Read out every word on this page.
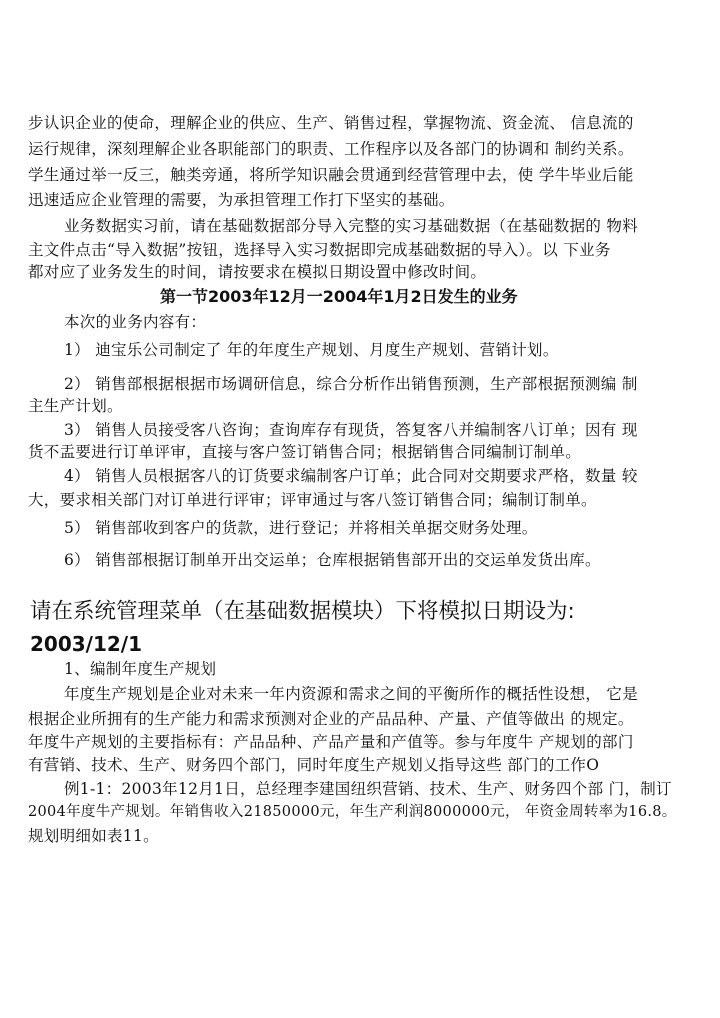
步认识企业的使命，理解企业的供应、生产、销售过程，掌握物流、资金流、 信息流的
运行规律，深刻理解企业各职能部门的职责、工作程序以及各部门的协调和 制约关系。
学生通过举一反三，触类旁通，将所学知识融会贯通到经营管理中去，使 学牛毕业后能
迅速适应企业管理的需要，为承担管理工作打下坚实的基础。
业务数据实习前，请在基础数据部分导入完整的实习基础数据（在基础数据的 物料
主文件点击“导入数据”按钮，选择导入实习数据即完成基础数据的导入）。以 下业务
都对应了业务发生的时间，请按要求在模拟日期设置中修改时间。
第一节2003年12月一2004年1月2日发生的业务
本次的业务内容有：
1） 迪宝乐公司制定了 年的年度生产规划、月度生产规划、营销计划。
2） 销售部根据根据市场调研信息，综合分析作出销售预测，生产部根据预测编 制
主生产计划。
3） 销售人员接受客八咨询；查询库存有现货，答复客八并编制客八订单；因有 现
货不盂要进行订单评审，直接与客户签订销售合同；根据销售合同编制订制单。
4） 销售人员根据客八的订货要求编制客户订单；此合同对交期要求严格，数量 较
大，要求相关部门对订单进行评审；评审通过与客八签订销售合同；编制订制单。
5） 销售部收到客户的货款，进行登记；并将相关单据交财务处理。
6） 销售部根据订制单开出交运单；仓库根据销售部开出的交运单发货出库。
请在系统管理菜单（在基础数据模块）下将模拟日期设为:
2003/12/1
1、编制年度生产规划
年度生产规划是企业对未来一年内资源和需求之间的平衡所作的概括性设想， 它是
根据企业所拥有的生产能力和需求预测对企业的产品品种、产量、产值等做出 的规定。
年度牛产规划的主要指标有：产品品种、产品产量和产值等。参与年度牛 产规划的部门
有营销、技术、生产、财务四个部门，同时年度生产规划乂指导这些 部门的工作O
例1-1：2003年12月1日，总经理李建国纽织营销、技术、生产、财务四个部 门，制订
2004年度牛产规划。年销售收入21850000元，年生产利润8000000元， 年资金周转率为16.8。
规划明细如表11。
